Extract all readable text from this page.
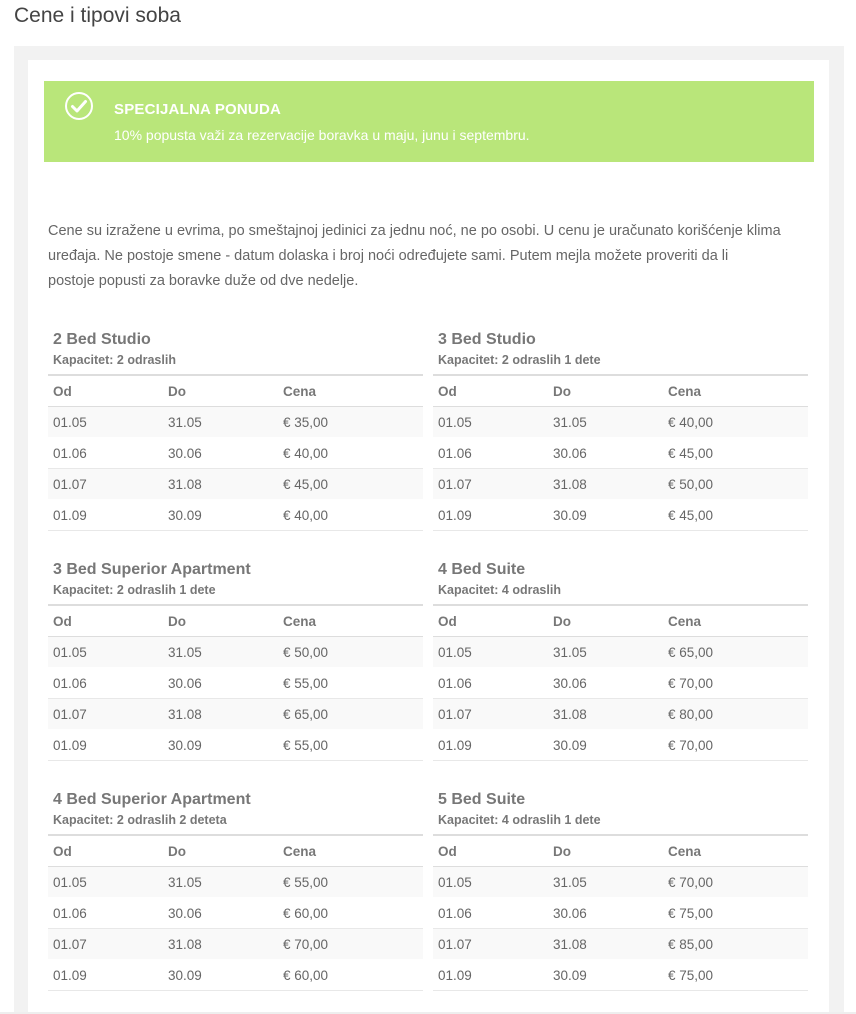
Cene i tipovi soba
SPECIJALNA PONUDA
10% popusta važi za rezervacije boravka u maju, junu i septembru.

Cene su izražene u evrima, po smeštajnoj jedinici za jednu noć, ne po osobi. U cenu je uračunato korišćenje klima
uređaja. Ne postoje smene - datum dolaska i broj noći određujete sami. Putem mejla možete proveriti da li
postoje popusti za boravke duže od dve nedelje.

2 Bed Studio
Kapacitet: 2 odraslih
Od	Do	Cena
01.05	31.05	€ 35,00
01.06	30.06	€ 40,00
01.07	31.08	€ 45,00
01.09	30.09	€ 40,00
3 Bed Studio
Kapacitet: 2 odraslih 1 dete
Od	Do	Cena
01.05	31.05	€ 40,00
01.06	30.06	€ 45,00
01.07	31.08	€ 50,00
01.09	30.09	€ 45,00
3 Bed Superior Apartment
Kapacitet: 2 odraslih 1 dete
Od	Do	Cena
01.05	31.05	€ 50,00
01.06	30.06	€ 55,00
01.07	31.08	€ 65,00
01.09	30.09	€ 55,00
4 Bed Suite
Kapacitet: 4 odraslih
Od	Do	Cena
01.05	31.05	€ 65,00
01.06	30.06	€ 70,00
01.07	31.08	€ 80,00
01.09	30.09	€ 70,00
4 Bed Superior Apartment
Kapacitet: 2 odraslih 2 deteta
Od	Do	Cena
01.05	31.05	€ 55,00
01.06	30.06	€ 60,00
01.07	31.08	€ 70,00
01.09	30.09	€ 60,00
5 Bed Suite
Kapacitet: 4 odraslih 1 dete
Od	Do	Cena
01.05	31.05	€ 70,00
01.06	30.06	€ 75,00
01.07	31.08	€ 85,00
01.09	30.09	€ 75,00
